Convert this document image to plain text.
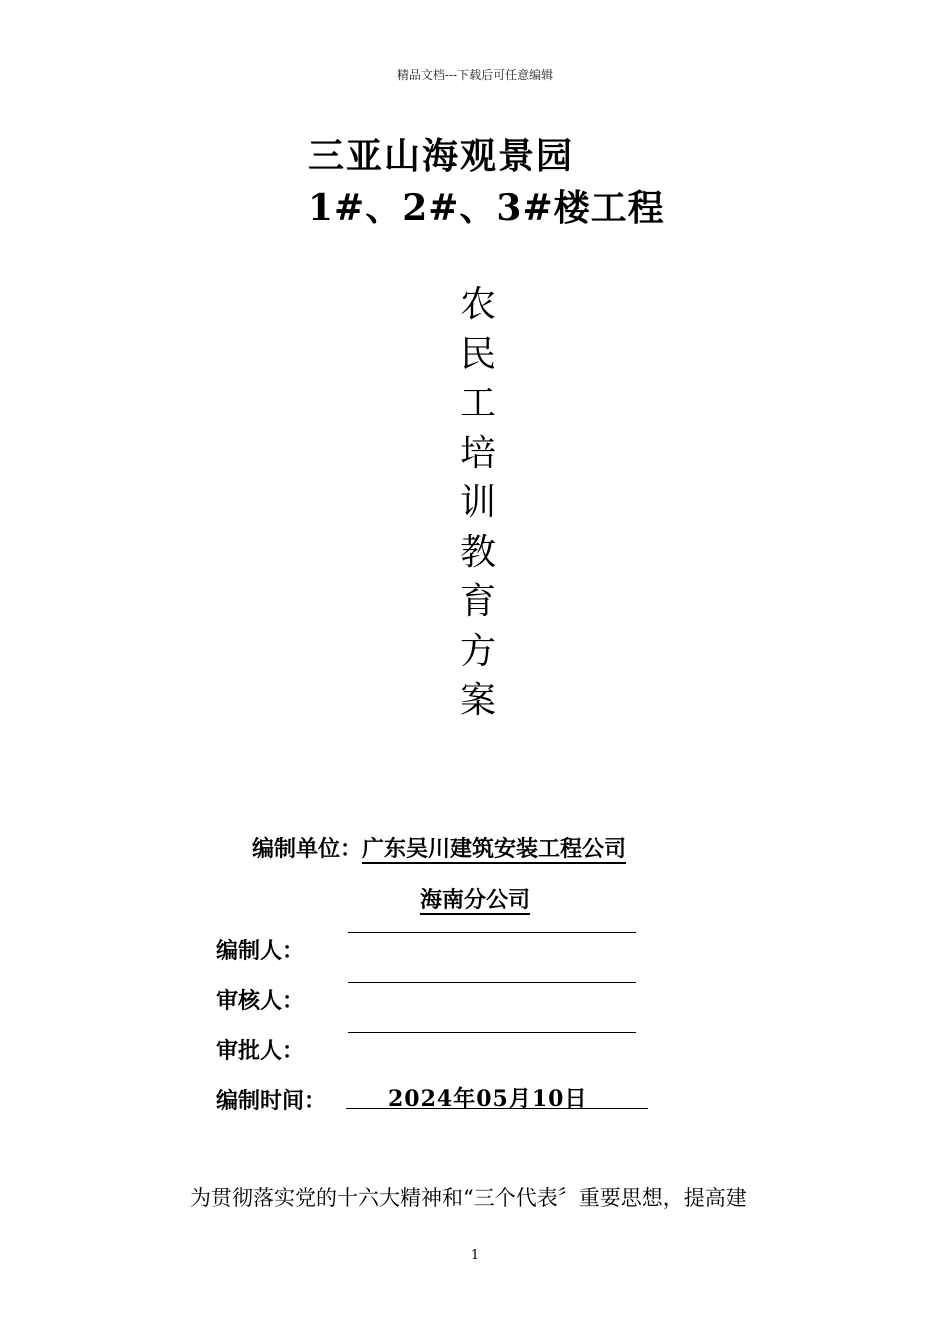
精品文档---下载后可任意编辑
三亚山海观景园
1#、2#、3#楼工程
农
民
工
培
训
教
育
方
案
编制单位：广东吴川建筑安装工程公司
海南分公司
编制人：
审核人：
审批人：
编制时间：	2024年05月10日
为贯彻落实党的十六大精神和“三个代表〞重要思想，提高建
1
